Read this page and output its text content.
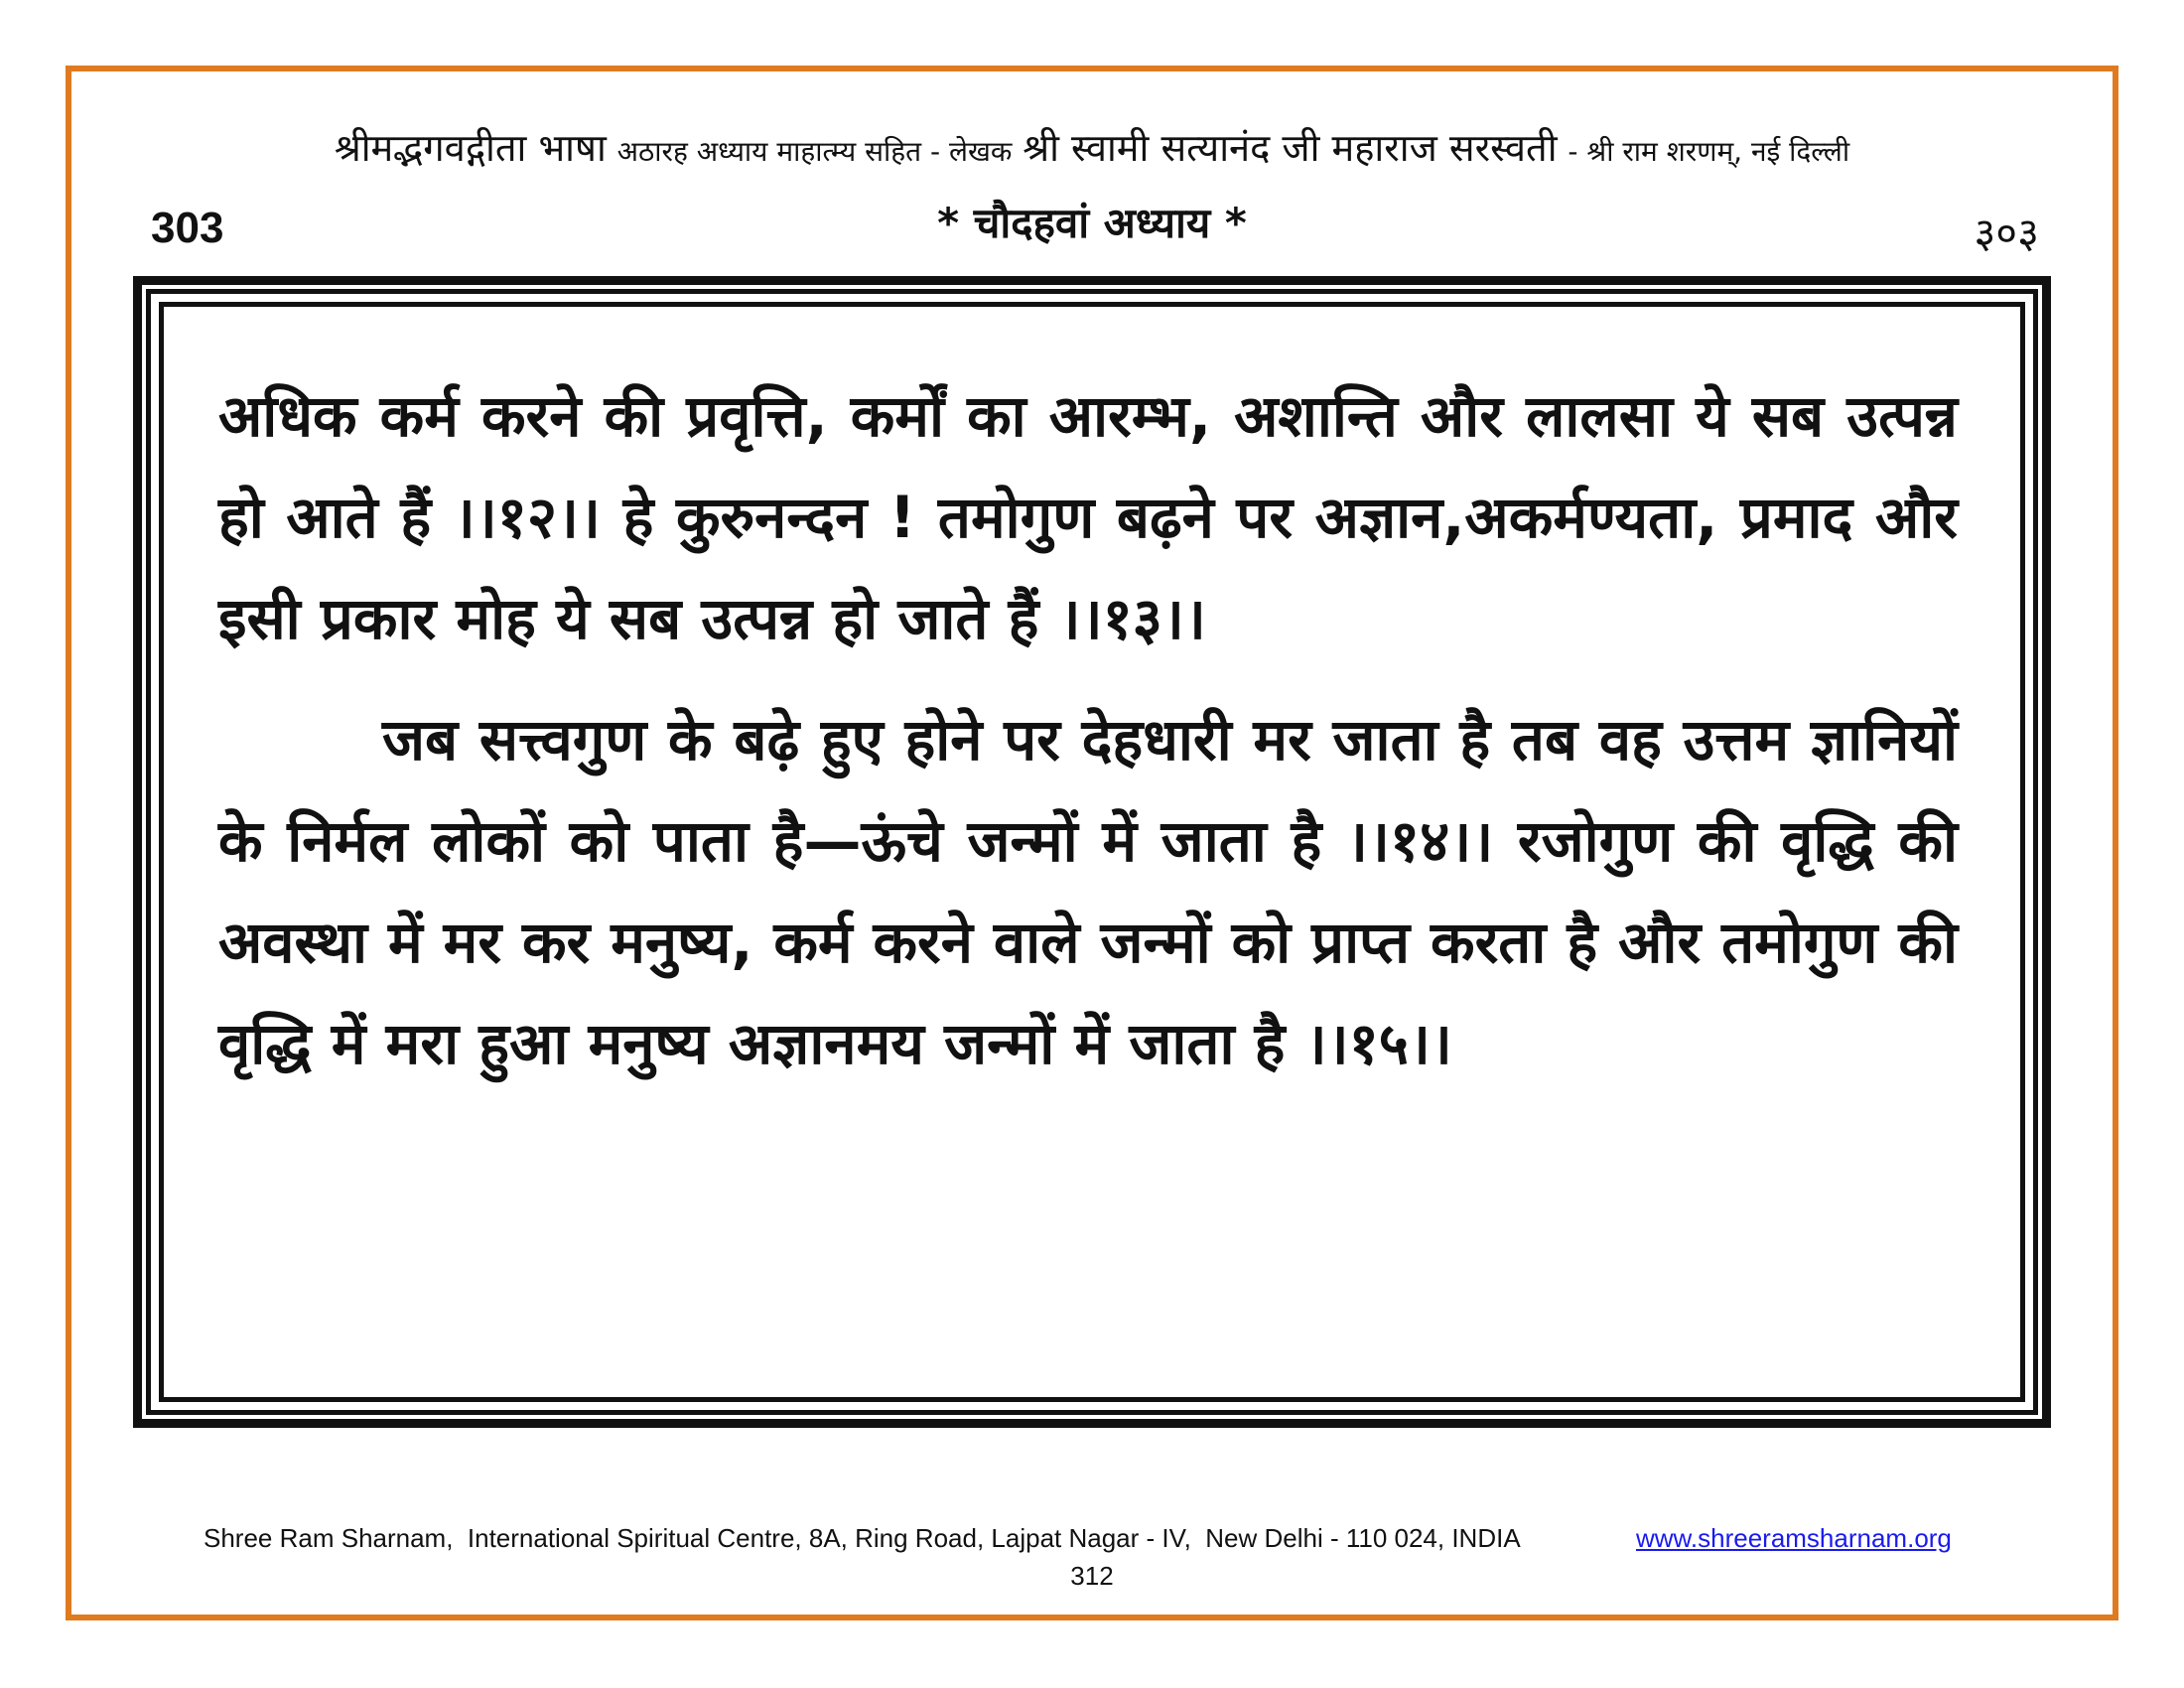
श्रीमद्भगवद्गीता भाषा अठारह अध्याय माहात्म्य सहित - लेखक श्री स्वामी सत्यानंद जी महाराज सरस्वती - श्री राम शरणम्, नई दिल्ली
303	* चौदहवां अध्याय *	३०३

अधिक कर्म करने की प्रवृत्ति, कर्मों का आरम्भ, अशान्ति और लालसा ये सब उत्पन्न हो आते हैं ।।१२।। हे कुरुनन्दन ! तमोगुण बढ़ने पर अज्ञान,अकर्मण्यता, प्रमाद और इसी प्रकार मोह ये सब उत्पन्न हो जाते हैं ।।१३।।

जब सत्त्वगुण के बढ़े हुए होने पर देहधारी मर जाता है तब वह उत्तम ज्ञानियों के निर्मल लोकों को पाता है—ऊंचे जन्मों में जाता है ।।१४।। रजोगुण की वृद्धि की अवस्था में मर कर मनुष्य, कर्म करने वाले जन्मों को प्राप्त करता है और तमोगुण की वृद्धि में मरा हुआ मनुष्य अज्ञानमय जन्मों में जाता है ।।१५।।

Shree Ram Sharnam,  International Spiritual Centre, 8A, Ring Road, Lajpat Nagar - IV,  New Delhi - 110 024, INDIA	www.shreeramsharnam.org
312
